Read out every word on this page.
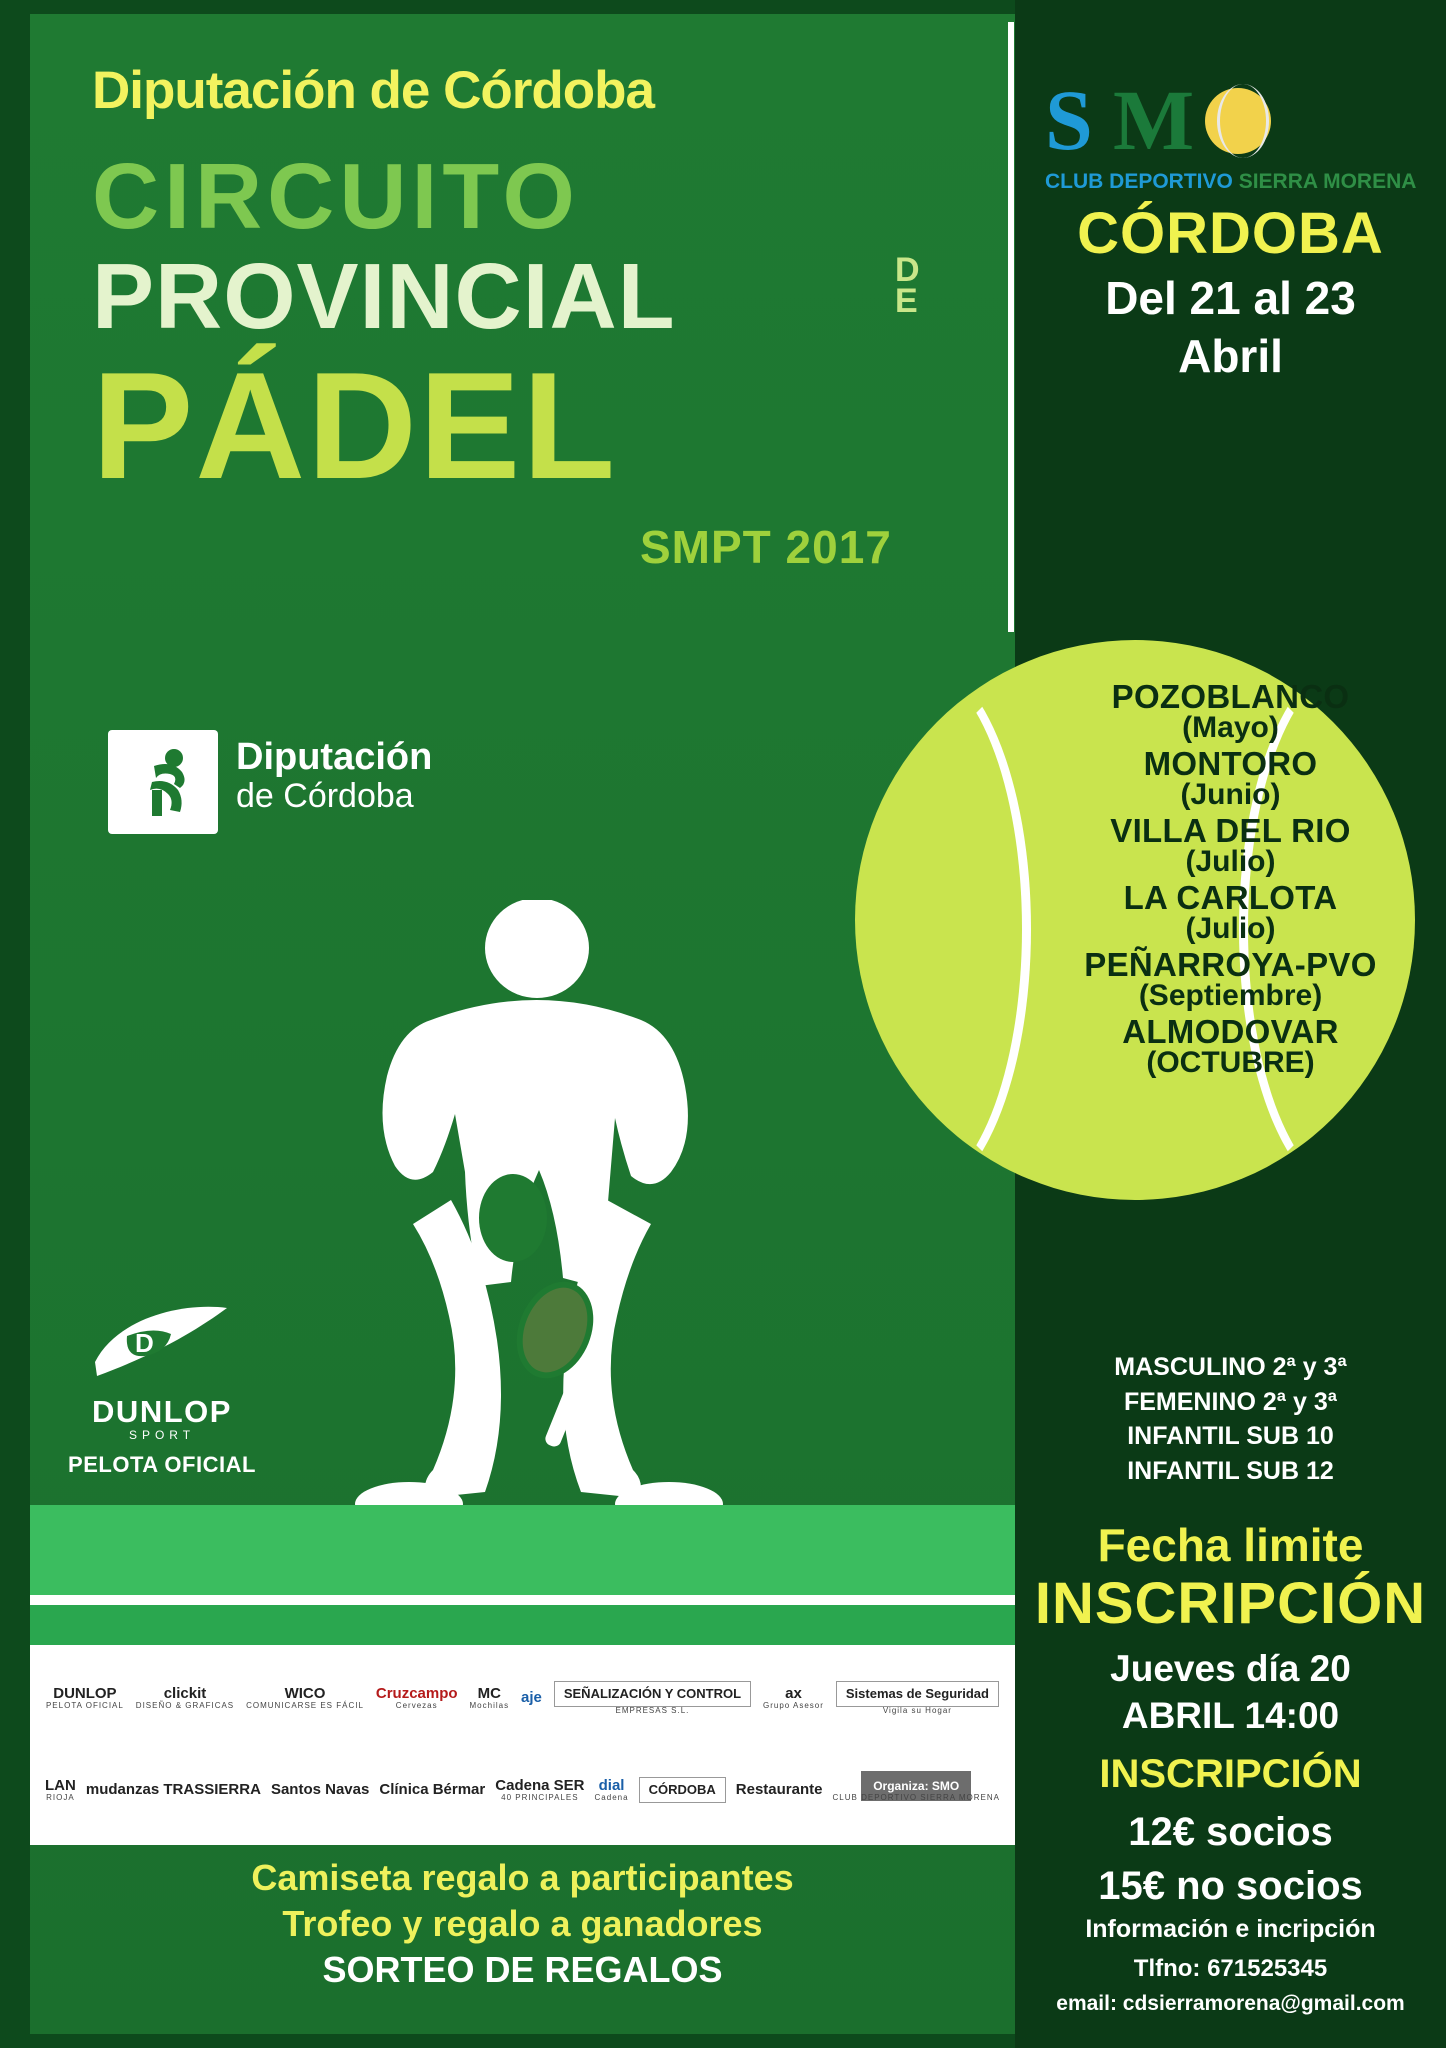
Diputación de Córdoba
CIRCUITO
PROVINCIAL	D
E
PÁDEL
SMPT 2017
Diputación
de Córdoba
D
DUNLOP
SPORT
PELOTA OFICIAL
DUNLOP
PELOTA OFICIAL
clickit
DISEÑO & GRAFICAS
WICO
COMUNICARSE ES FÁCIL
Cruzcampo
Cervezas
MC
Mochilas aje	SEÑALIZACIÓN Y CONTROL
EMPRESAS S.L.
ax
Grupo Asesor
Sistemas de Seguridad
Vigila su Hogar
LAN
RIOJA mudanzas TRASSIERRA Santos Navas Clínica Bérmar Cadena SER
40 PRINCIPALES
dial
Cadena	CÓRDOBA	Restaurante	Organiza: SMO
CLUB DEPORTIVO SIERRA MORENA
Camiseta regalo a participantes
Trofeo y regalo a ganadores
SORTEO DE REGALOS
S M
CLUB DEPORTIVO SIERRA MORENA
CÓRDOBA
Del 21 al 23
Abril
POZOBLANCO
(Mayo)
MONTORO
(Junio)
VILLA DEL RIO
(Julio)
LA CARLOTA
(Julio)
PEÑARROYA-PVO
(Septiembre)
ALMODOVAR
(OCTUBRE)
MASCULINO 2ª y 3ª
FEMENINO 2ª y 3ª
INFANTIL SUB 10
INFANTIL SUB 12
Fecha limite
INSCRIPCIÓN
Jueves día 20
ABRIL 14:00
INSCRIPCIÓN
12€ socios
15€ no socios
Información e incripción
Tlfno: 671525345
email: cdsierramorena@gmail.com
